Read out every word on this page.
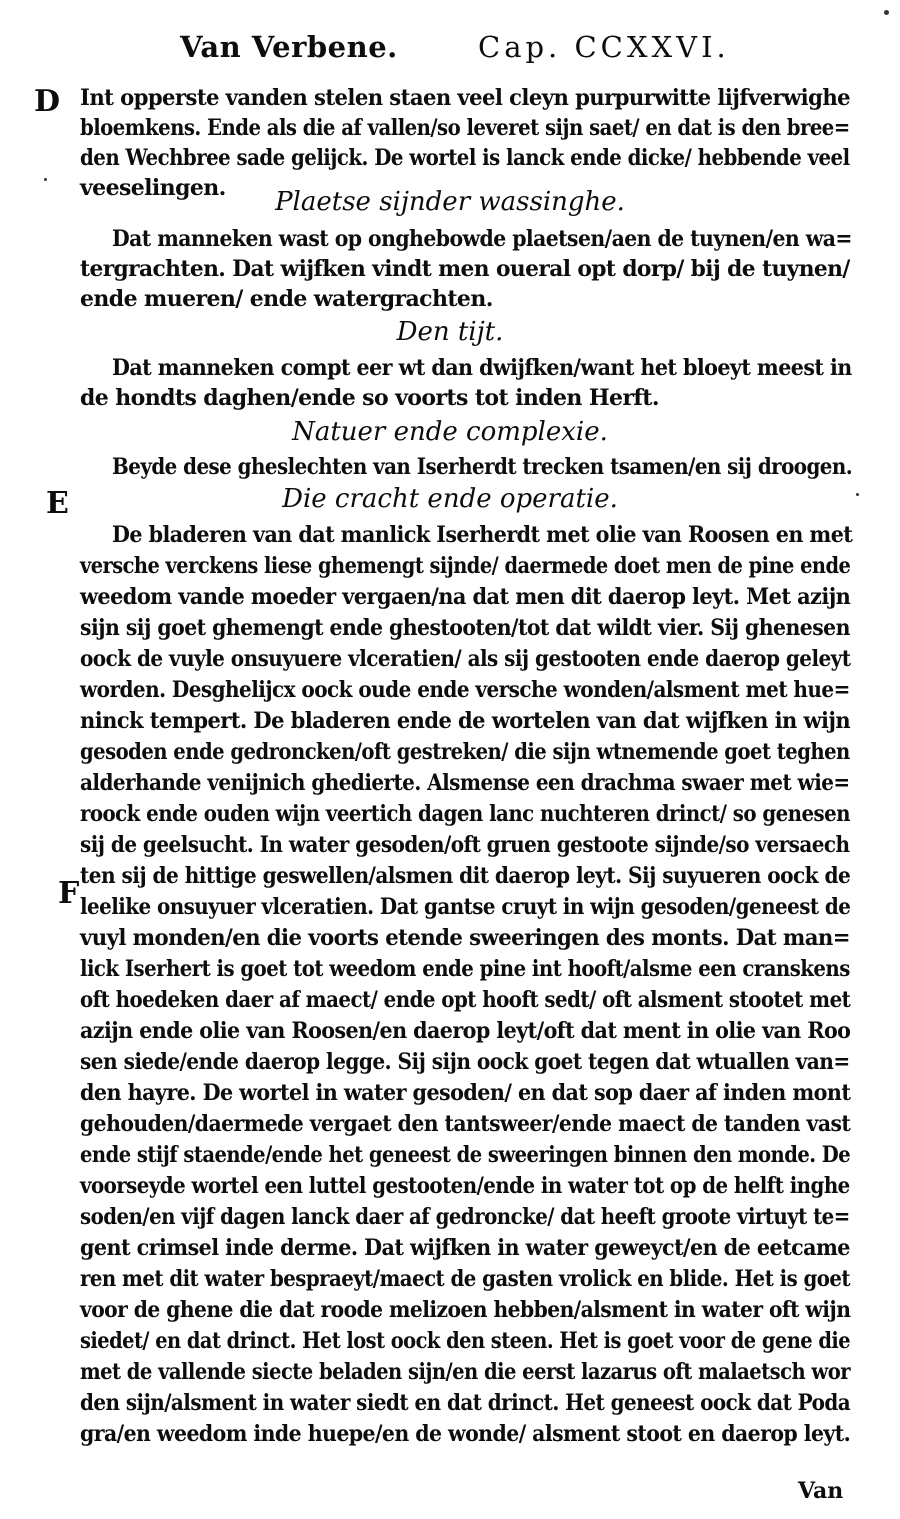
Van Verbene.	Cap. CCXXVI.
D
E
F
Int opperste vanden stelen staen veel cleyn purpurwitte lijfverwighe
bloemkens. Ende als die af vallen/so leveret sijn saet/ en dat is den bree=
den Wechbree sade gelijck. De wortel is lanck ende dicke/ hebbende veel
veeselingen.	Plaetse sijnder wassinghe.
Dat manneken wast op onghebowde plaetsen/aen de tuynen/en wa=
tergrachten. Dat wijfken vindt men oueral opt dorp/ bij de tuynen/
ende mueren/ ende watergrachten.
Den tijt.
Dat manneken compt eer wt dan dwijfken/want het bloeyt meest in
de hondts daghen/ende so voorts tot inden Herft.
Natuer ende complexie.
Beyde dese gheslechten van Iserherdt trecken tsamen/en sij droogen.
Die cracht ende operatie.
De bladeren van dat manlick Iserherdt met olie van Roosen en met
versche verckens liese ghemengt sijnde/ daermede doet men de pine ende
weedom vande moeder vergaen/na dat men dit daerop leyt. Met azijn
sijn sij goet ghemengt ende ghestooten/tot dat wildt vier. Sij ghenesen
oock de vuyle onsuyuere vlceratien/ als sij gestooten ende daerop geleyt
worden. Desghelijcx oock oude ende versche wonden/alsment met hue=
ninck tempert. De bladeren ende de wortelen van dat wijfken in wijn
gesoden ende gedroncken/oft gestreken/ die sijn wtnemende goet teghen
alderhande venijnich ghedierte. Alsmense een drachma swaer met wie=
roock ende ouden wijn veertich dagen lanc nuchteren drinct/ so genesen
sij de geelsucht. In water gesoden/oft gruen gestoote sijnde/so versaech
ten sij de hittige geswellen/alsmen dit daerop leyt. Sij suyueren oock de
leelike onsuyuer vlceratien. Dat gantse cruyt in wijn gesoden/geneest de
vuyl monden/en die voorts etende sweeringen des monts. Dat man=
lick Iserhert is goet tot weedom ende pine int hooft/alsme een cranskens
oft hoedeken daer af maect/ ende opt hooft sedt/ oft alsment stootet met
azijn ende olie van Roosen/en daerop leyt/oft dat ment in olie van Roo
sen siede/ende daerop legge. Sij sijn oock goet tegen dat wtuallen van=
den hayre. De wortel in water gesoden/ en dat sop daer af inden mont
gehouden/daermede vergaet den tantsweer/ende maect de tanden vast
ende stijf staende/ende het geneest de sweeringen binnen den monde. De
voorseyde wortel een luttel gestooten/ende in water tot op de helft inghe
soden/en vijf dagen lanck daer af gedroncke/ dat heeft groote virtuyt te=
gent crimsel inde derme. Dat wijfken in water geweyct/en de eetcame
ren met dit water bespraeyt/maect de gasten vrolick en blide. Het is goet
voor de ghene die dat roode melizoen hebben/alsment in water oft wijn
siedet/ en dat drinct. Het lost oock den steen. Het is goet voor de gene die
met de vallende siecte beladen sijn/en die eerst lazarus oft malaetsch wor
den sijn/alsment in water siedt en dat drinct. Het geneest oock dat Poda
gra/en weedom inde huepe/en de wonde/ alsment stoot en daerop leyt.
Van
